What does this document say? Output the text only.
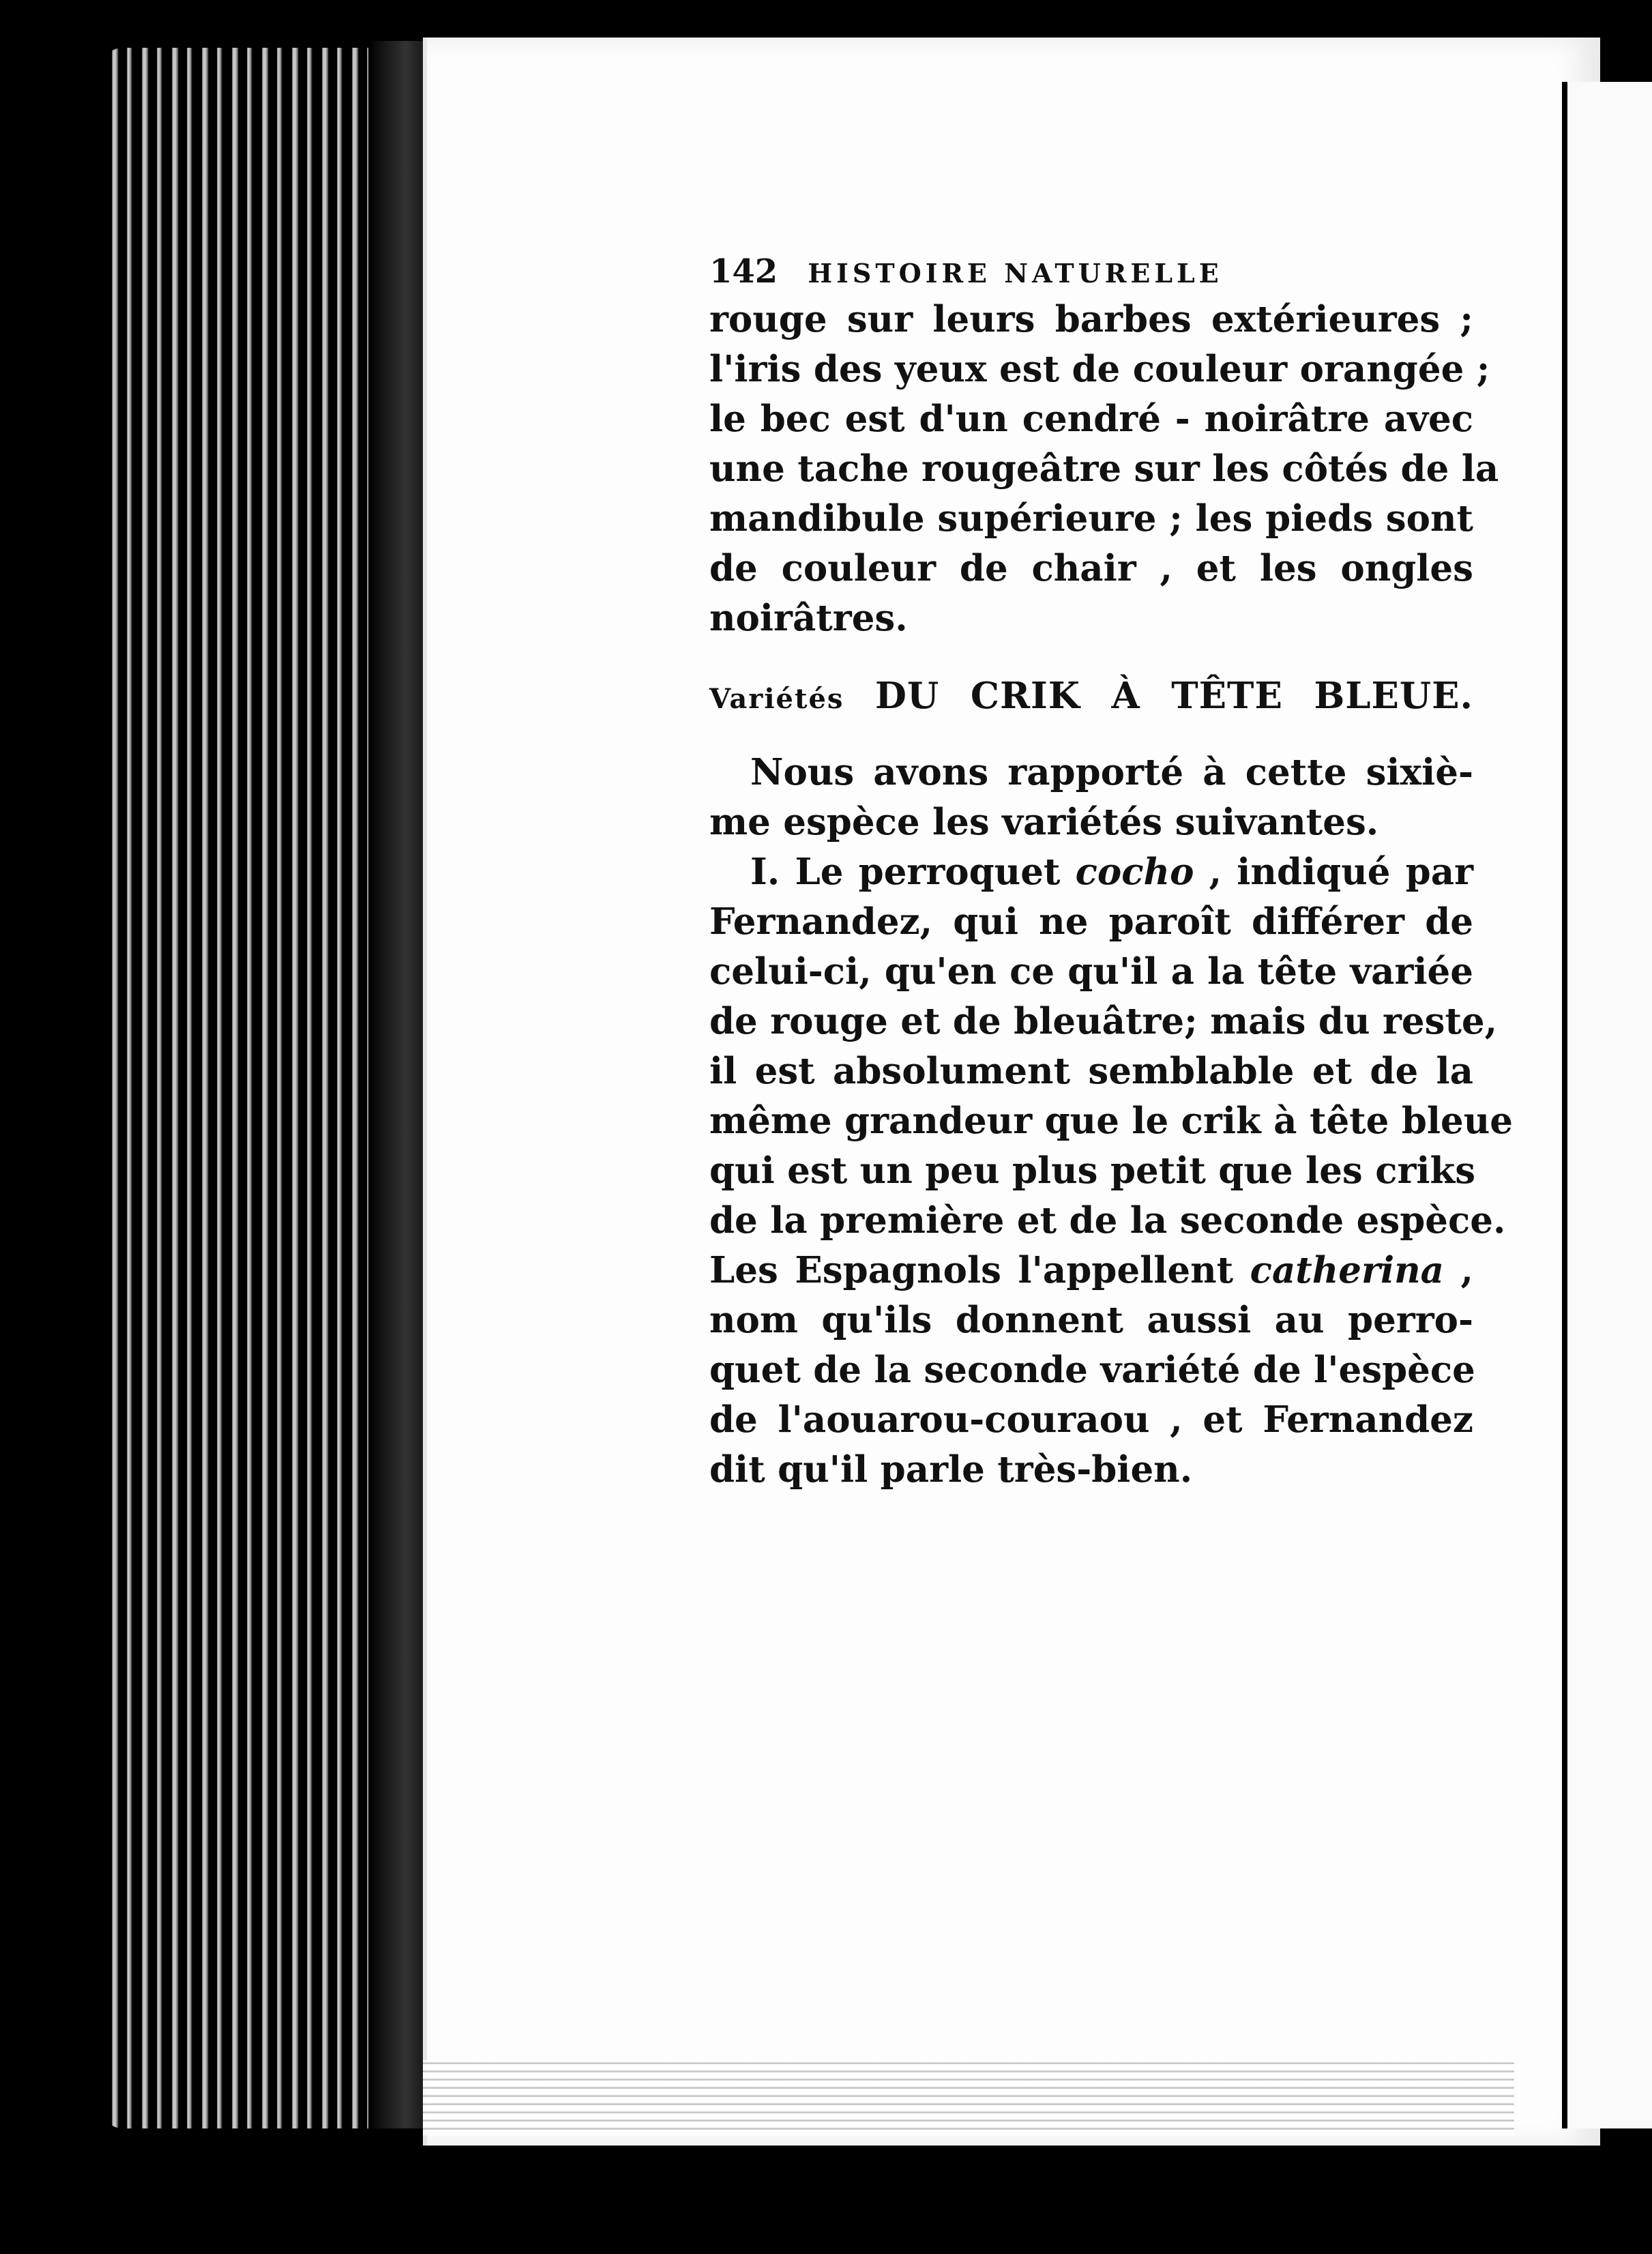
142 HISTOIRE NATURELLE
rouge sur leurs barbes extérieures ;
l'iris des yeux est de couleur orangée ;
le bec est d'un cendré - noirâtre avec
une tache rougeâtre sur les côtés de la
mandibule supérieure ; les pieds sont
de couleur de chair , et les ongles
noirâtres.
Variétés DU CRIK À TÊTE BLEUE.
Nous avons rapporté à cette sixiè-
me espèce les variétés suivantes.
I. Le perroquet cocho , indiqué par
Fernandez, qui ne paroît différer de
celui-ci, qu'en ce qu'il a la tête variée
de rouge et de bleuâtre; mais du reste,
il est absolument semblable et de la
même grandeur que le crik à tête bleue
qui est un peu plus petit que les criks
de la première et de la seconde espèce.
Les Espagnols l'appellent catherina ,
nom qu'ils donnent aussi au perro-
quet de la seconde variété de l'espèce
de l'aouarou-couraou , et Fernandez
dit qu'il parle très-bien.
